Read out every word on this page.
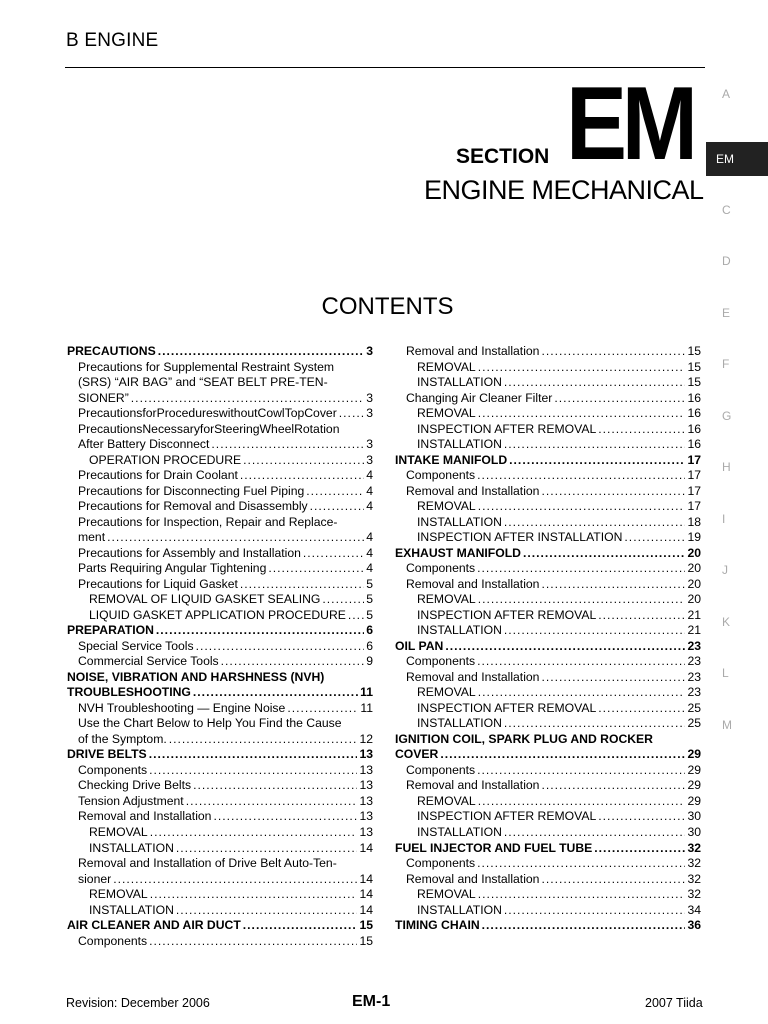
B ENGINE
SECTION EM
ENGINE MECHANICAL
CONTENTS
A
EM
C
D
E
F
G
H
I
J
K
L
M
PRECAUTIONS .....	3
Precautions for Supplemental Restraint System
(SRS) “AIR BAG” and “SEAT BELT PRE-TEN-
SIONER” .....	3
PrecautionsforProcedureswithoutCowlTopCover ..... 3
PrecautionsNecessaryforSteeringWheelRotation
After Battery Disconnect .....	3
OPERATION PROCEDURE .....	3
Precautions for Drain Coolant .....	4
Precautions for Disconnecting Fuel Piping .....	4
Precautions for Removal and Disassembly .....	4
Precautions for Inspection, Repair and Replace-
ment .....	4
Precautions for Assembly and Installation .....	4
Parts Requiring Angular Tightening .....	4
Precautions for Liquid Gasket .....	5
REMOVAL OF LIQUID GASKET SEALING .....	5
LIQUID GASKET APPLICATION PROCEDURE ..... 5
PREPARATION .....	6
Special Service Tools .....	6
Commercial Service Tools .....	9
NOISE, VIBRATION AND HARSHNESS (NVH)
TROUBLESHOOTING .....	11
NVH Troubleshooting — Engine Noise .....	11
Use the Chart Below to Help You Find the Cause
of the Symptom. .....	12
DRIVE BELTS .....	13
Components .....	13
Checking Drive Belts .....	13
Tension Adjustment .....	13
Removal and Installation .....	13
REMOVAL .....	13
INSTALLATION .....	14
Removal and Installation of Drive Belt Auto-Ten-
sioner .....	14
REMOVAL .....	14
INSTALLATION .....	14
AIR CLEANER AND AIR DUCT .....	15
Components .....	15
Removal and Installation .....	15
REMOVAL .....	15
INSTALLATION .....	15
Changing Air Cleaner Filter .....	16
REMOVAL .....	16
INSPECTION AFTER REMOVAL .....	16
INSTALLATION .....	16
INTAKE MANIFOLD .....	17
Components .....	17
Removal and Installation .....	17
REMOVAL .....	17
INSTALLATION .....	18
INSPECTION AFTER INSTALLATION .....	19
EXHAUST MANIFOLD .....	20
Components .....	20
Removal and Installation .....	20
REMOVAL .....	20
INSPECTION AFTER REMOVAL .....	21
INSTALLATION .....	21
OIL PAN .....	23
Components .....	23
Removal and Installation .....	23
REMOVAL .....	23
INSPECTION AFTER REMOVAL .....	25
INSTALLATION .....	25
IGNITION COIL, SPARK PLUG AND ROCKER
COVER .....	29
Components .....	29
Removal and Installation .....	29
REMOVAL .....	29
INSPECTION AFTER REMOVAL .....	30
INSTALLATION .....	30
FUEL INJECTOR AND FUEL TUBE .....	32
Components .....	32
Removal and Installation .....	32
REMOVAL .....	32
INSTALLATION .....	34
TIMING CHAIN .....	36
Revision: December 2006	EM-1	2007 Tiida
